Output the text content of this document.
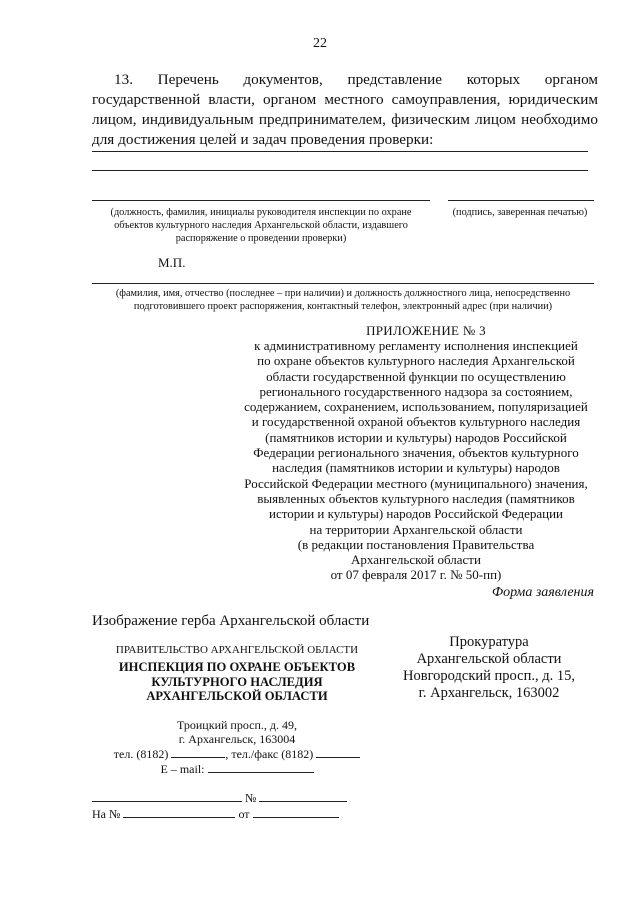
22
13. Перечень документов, представление которых органом
государственной власти, органом местного самоуправления, юридическим лицом, индивидуальным предпринимателем, физическим лицом необходимо для достижения целей и задач проведения проверки:
(должность, фамилия, инициалы руководителя инспекции по охране объектов культурного наследия Архангельской области, издавшего распоряжение о проведении проверки)
(подпись, заверенная печатью)
М.П.
(фамилия, имя, отчество (последнее – при наличии) и должность должностного лица, непосредственно подготовившего проект распоряжения, контактный телефон, электронный адрес (при наличии)
ПРИЛОЖЕНИЕ № 3
к административному регламенту исполнения инспекцией
по охране объектов культурного наследия Архангельской
области государственной функции по осуществлению
регионального государственного надзора за состоянием,
содержанием, сохранением, использованием, популяризацией
и государственной охраной объектов культурного наследия
(памятников истории и культуры) народов Российской
Федерации регионального значения, объектов культурного
наследия (памятников истории и культуры) народов
Российской Федерации местного (муниципального) значения,
выявленных объектов культурного наследия (памятников
истории и культуры) народов Российской Федерации
на территории Архангельской области
(в редакции постановления Правительства
Архангельской области
от 07 февраля 2017 г. № 50-пп)
Форма заявления
Изображение герба Архангельской области
ПРАВИТЕЛЬСТВО АРХАНГЕЛЬСКОЙ ОБЛАСТИ
ИНСПЕКЦИЯ ПО ОХРАНЕ ОБЪЕКТОВ
КУЛЬТУРНОГО НАСЛЕДИЯ
АРХАНГЕЛЬСКОЙ ОБЛАСТИ
Троицкий просп., д. 49,
г. Архангельск, 163004
тел. (8182)	, тел./факс (8182)
E – mail:
№
На №	от
Прокуратура
Архангельской области
Новгородский просп., д. 15,
г. Архангельск, 163002
